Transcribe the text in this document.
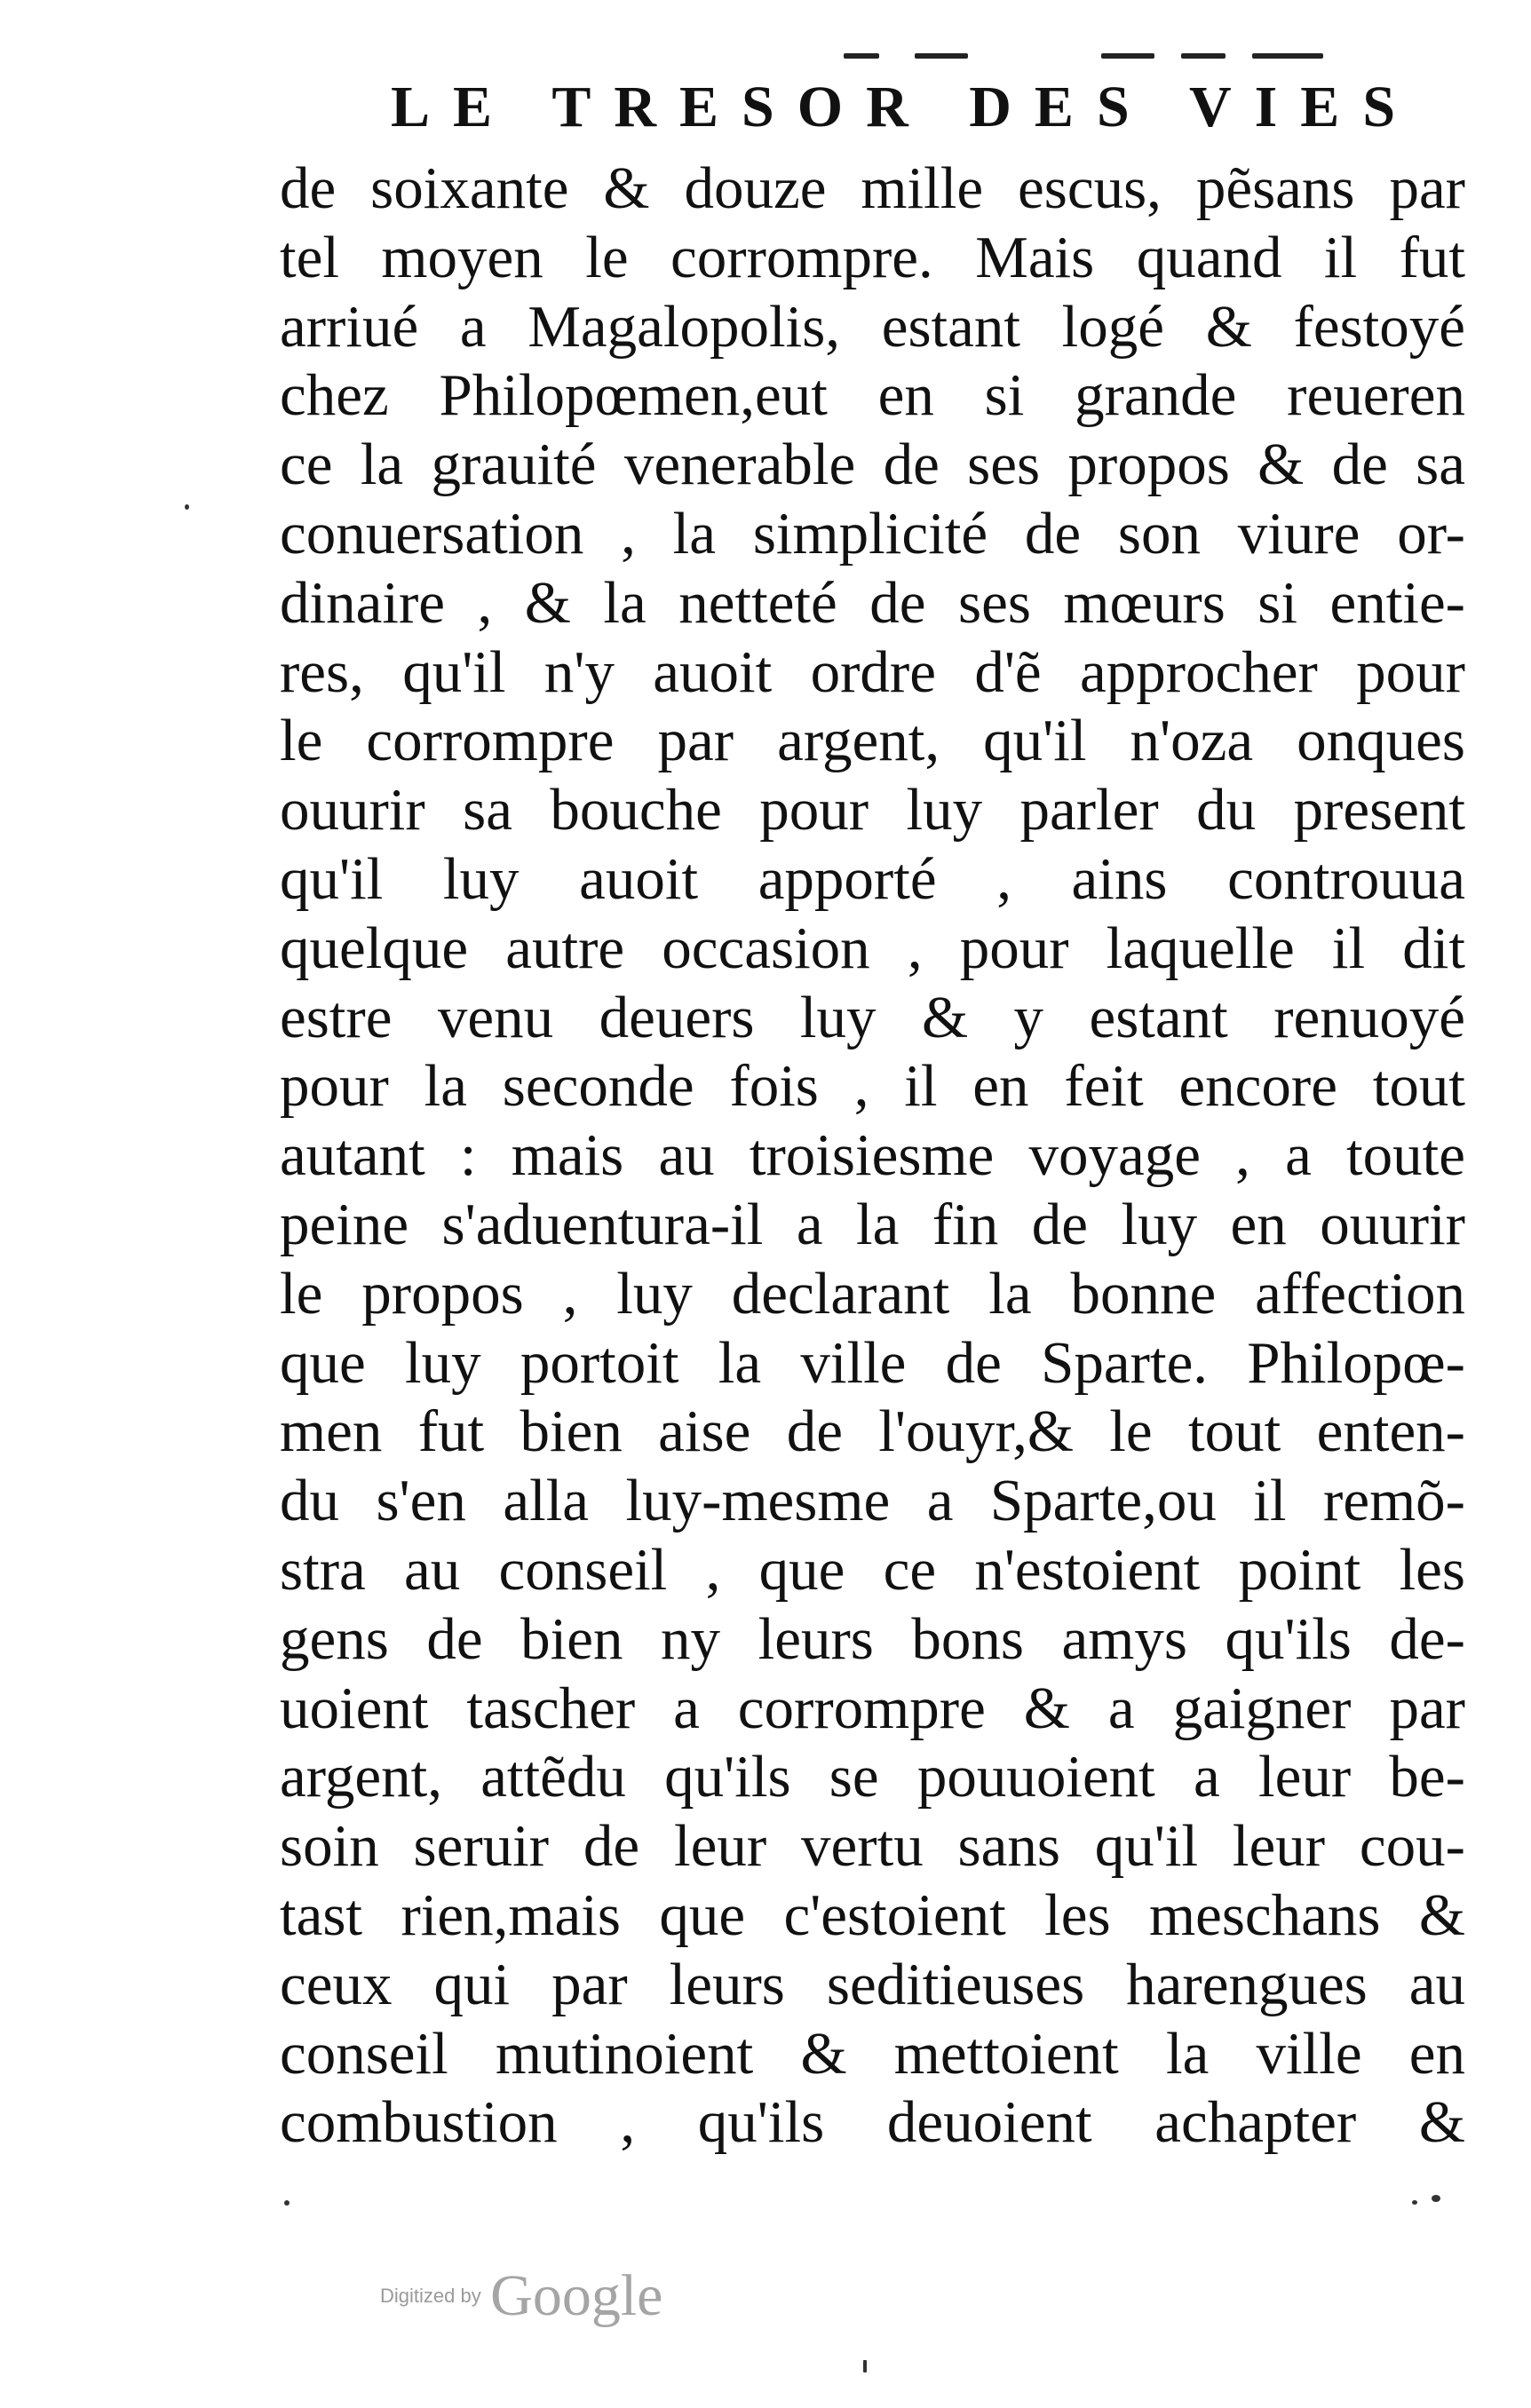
LE TRESOR DES VIES
de soixante & douze mille escus, pẽsans par
tel moyen le corrompre. Mais quand il fut
arriué a Magalopolis, estant logé & festoyé
chez Philopœmen,eut en si grande reueren
ce la grauité venerable de ses propos & de sa
conuersation , la simplicité de son viure or-
dinaire , & la netteté de ses mœurs si entie-
res, qu'il n'y auoit ordre d'ẽ approcher pour
le corrompre par argent, qu'il n'oza onques
ouurir sa bouche pour luy parler du present
qu'il luy auoit apporté , ains controuua
quelque autre occasion , pour laquelle il dit
estre venu deuers luy & y estant renuoyé
pour la seconde fois , il en feit encore tout
autant : mais au troisiesme voyage , a toute
peine s'aduentura-il a la fin de luy en ouurir
le propos , luy declarant la bonne affection
que luy portoit la ville de Sparte. Philopœ-
men fut bien aise de l'ouyr,& le tout enten-
du s'en alla luy-mesme a Sparte,ou il remõ-
stra au conseil , que ce n'estoient point les
gens de bien ny leurs bons amys qu'ils de-
uoient tascher a corrompre & a gaigner par
argent, attẽdu qu'ils se pouuoient a leur be-
soin seruir de leur vertu sans qu'il leur cou-
tast rien,mais que c'estoient les meschans &
ceux qui par leurs seditieuses harengues au
conseil mutinoient & mettoient la ville en
combustion , qu'ils deuoient achapter &
Digitized by Google
